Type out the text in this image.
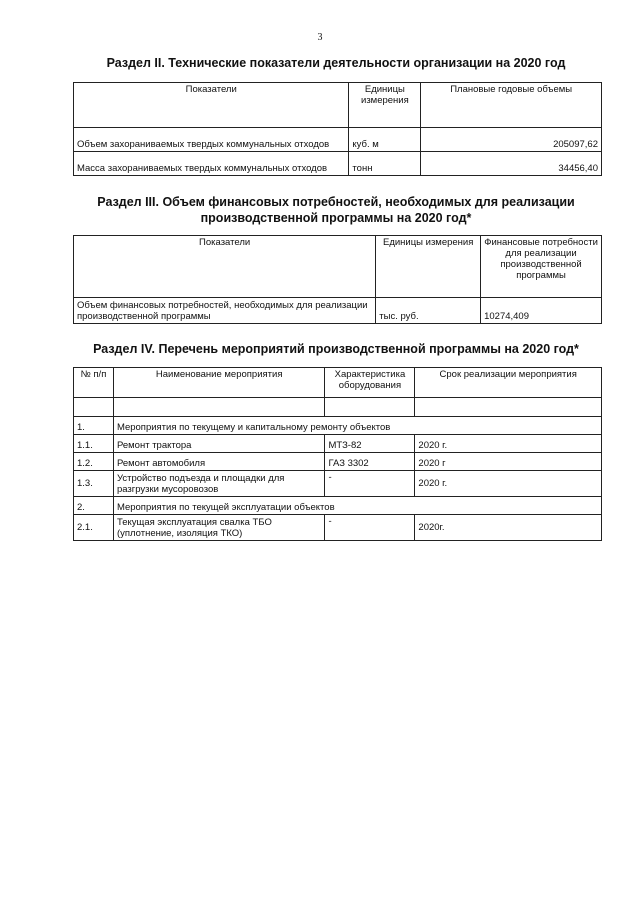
3
Раздел II. Технические показатели деятельности организации на 2020 год
Показатели	Единицы измерения	Плановые годовые объемы
Объем захораниваемых твердых коммунальных отходов	куб. м	205097,62
Масса захораниваемых твердых коммунальных отходов	тонн	34456,40
Раздел III. Объем финансовых потребностей, необходимых для реализации
производственной программы на 2020 год*
Показатели	Единицы измерения	Финансовые потребности для реализации производственной программы
Объем финансовых потребностей, необходимых для реализации производственной программы	тыс. руб.	10274,409
Раздел IV. Перечень мероприятий производственной программы на 2020 год*
№ п/п	Наименование мероприятия	Характеристика оборудования	Срок реализации мероприятия

1.	Мероприятия по текущему и капитальному ремонту объектов		
1.1.	Ремонт трактора	МТЗ-82	2020 г.
1.2.	Ремонт автомобиля	ГАЗ 3302	2020 г
1.3.	Устройство подъезда и площадки для разгрузки мусоровозов	-	2020 г.
2.	Мероприятия по текущей эксплуатации объектов		
2.1.	Текущая эксплуатация свалка ТБО (уплотнение, изоляция ТКО)	-	2020г.
